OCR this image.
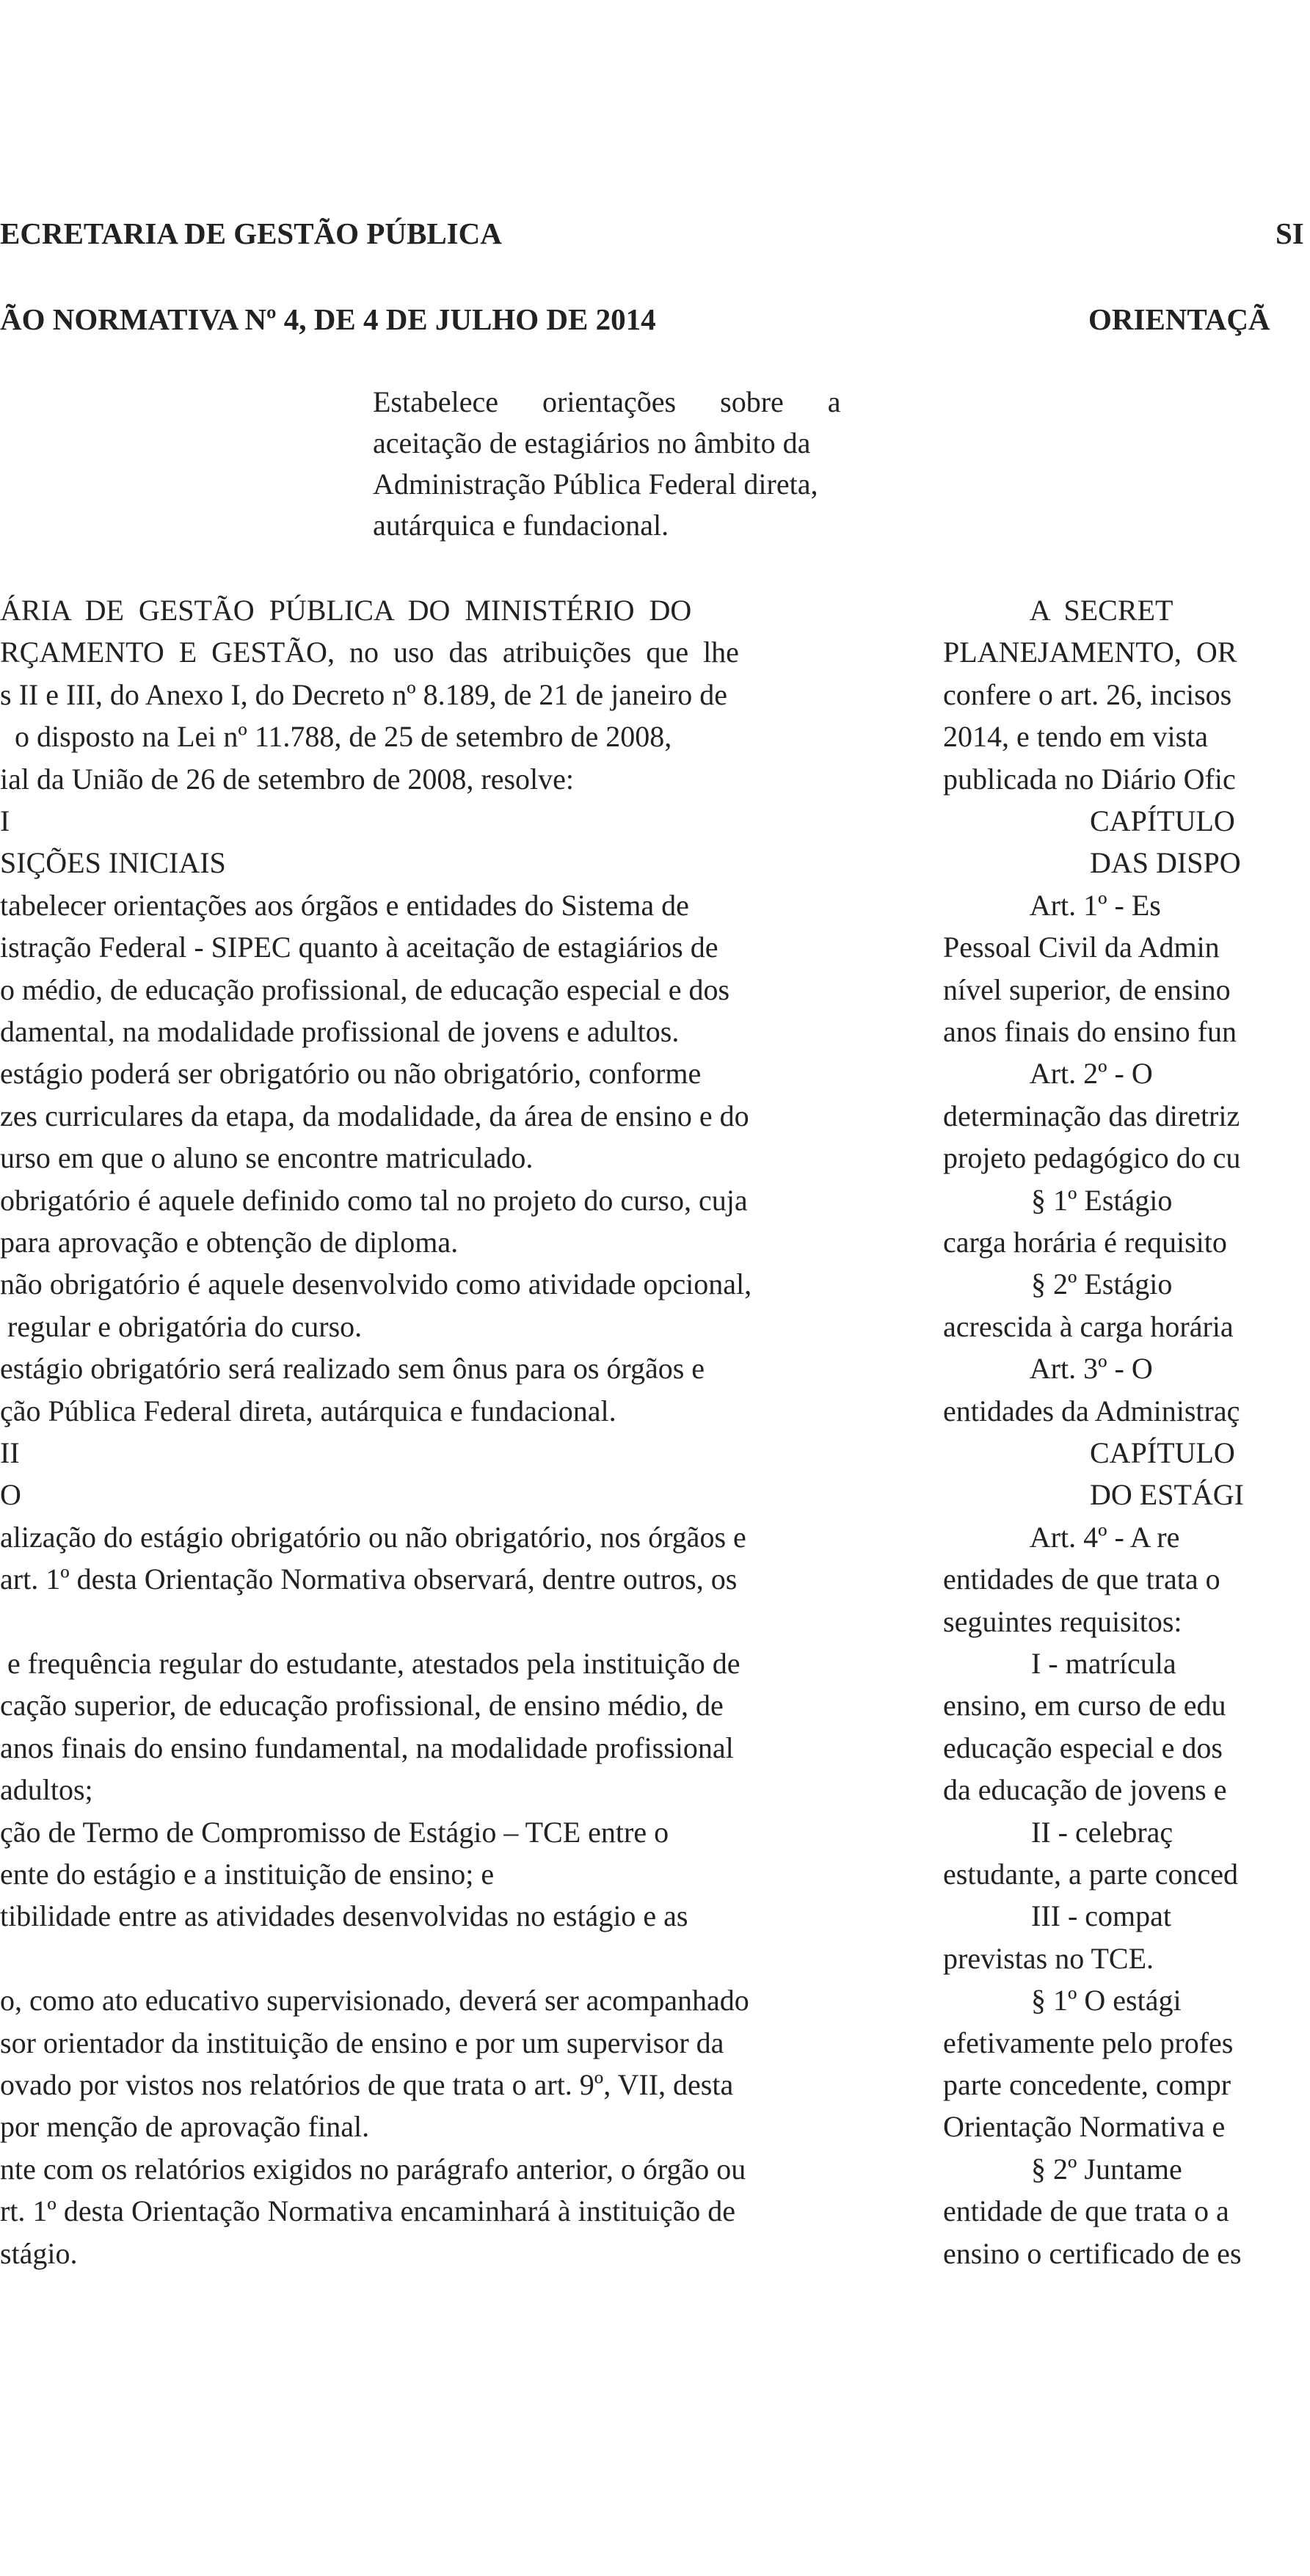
ECRETARIA DE GESTÃO PÚBLICA	SI
ÃO NORMATIVA Nº 4, DE 4 DE JULHO DE 2014	ORIENTAÇÃ
Estabelece      orientações      sobre      a
aceitação de estagiários no âmbito da
Administração Pública Federal direta,
autárquica e fundacional.
ÁRIA  DE  GESTÃO  PÚBLICA  DO  MINISTÉRIO  DO
RÇAMENTO  E  GESTÃO,  no  uso  das  atribuições  que  lhe
s II e III, do Anexo I, do Decreto nº 8.189, de 21 de janeiro de
o disposto na Lei nº 11.788, de 25 de setembro de 2008,
ial da União de 26 de setembro de 2008, resolve:
I
SIÇÕES INICIAIS
tabelecer orientações aos órgãos e entidades do Sistema de
istração Federal - SIPEC quanto à aceitação de estagiários de
o médio, de educação profissional, de educação especial e dos
damental, na modalidade profissional de jovens e adultos.
estágio poderá ser obrigatório ou não obrigatório, conforme
zes curriculares da etapa, da modalidade, da área de ensino e do
urso em que o aluno se encontre matriculado.
obrigatório é aquele definido como tal no projeto do curso, cuja
para aprovação e obtenção de diploma.
não obrigatório é aquele desenvolvido como atividade opcional,
regular e obrigatória do curso.
estágio obrigatório será realizado sem ônus para os órgãos e
ção Pública Federal direta, autárquica e fundacional.
II
O
alização do estágio obrigatório ou não obrigatório, nos órgãos e
art. 1º desta Orientação Normativa observará, dentre outros, os
e frequência regular do estudante, atestados pela instituição de
cação superior, de educação profissional, de ensino médio, de
anos finais do ensino fundamental, na modalidade profissional
adultos;
ção de Termo de Compromisso de Estágio – TCE entre o
ente do estágio e a instituição de ensino; e
tibilidade entre as atividades desenvolvidas no estágio e as
o, como ato educativo supervisionado, deverá ser acompanhado
sor orientador da instituição de ensino e por um supervisor da
ovado por vistos nos relatórios de que trata o art. 9º, VII, desta
por menção de aprovação final.
nte com os relatórios exigidos no parágrafo anterior, o órgão ou
rt. 1º desta Orientação Normativa encaminhará à instituição de
stágio.
A  SECRET
PLANEJAMENTO,  OR
confere o art. 26, incisos
2014, e tendo em vista
publicada no Diário Ofic
CAPÍTULO
DAS DISPO
Art. 1º - Es
Pessoal Civil da Admin
nível superior, de ensino
anos finais do ensino fun
Art. 2º - O
determinação das diretriz
projeto pedagógico do cu
§ 1º Estágio
carga horária é requisito
§ 2º Estágio
acrescida à carga horária
Art. 3º - O
entidades da Administraç
CAPÍTULO
DO ESTÁGI
Art. 4º - A re
entidades de que trata o
seguintes requisitos:
I - matrícula
ensino, em curso de edu
educação especial e dos
da educação de jovens e
II - celebraç
estudante, a parte conced
III - compat
previstas no TCE.
§ 1º O estági
efetivamente pelo profes
parte concedente, compr
Orientação Normativa e
§ 2º Juntame
entidade de que trata o a
ensino o certificado de es
